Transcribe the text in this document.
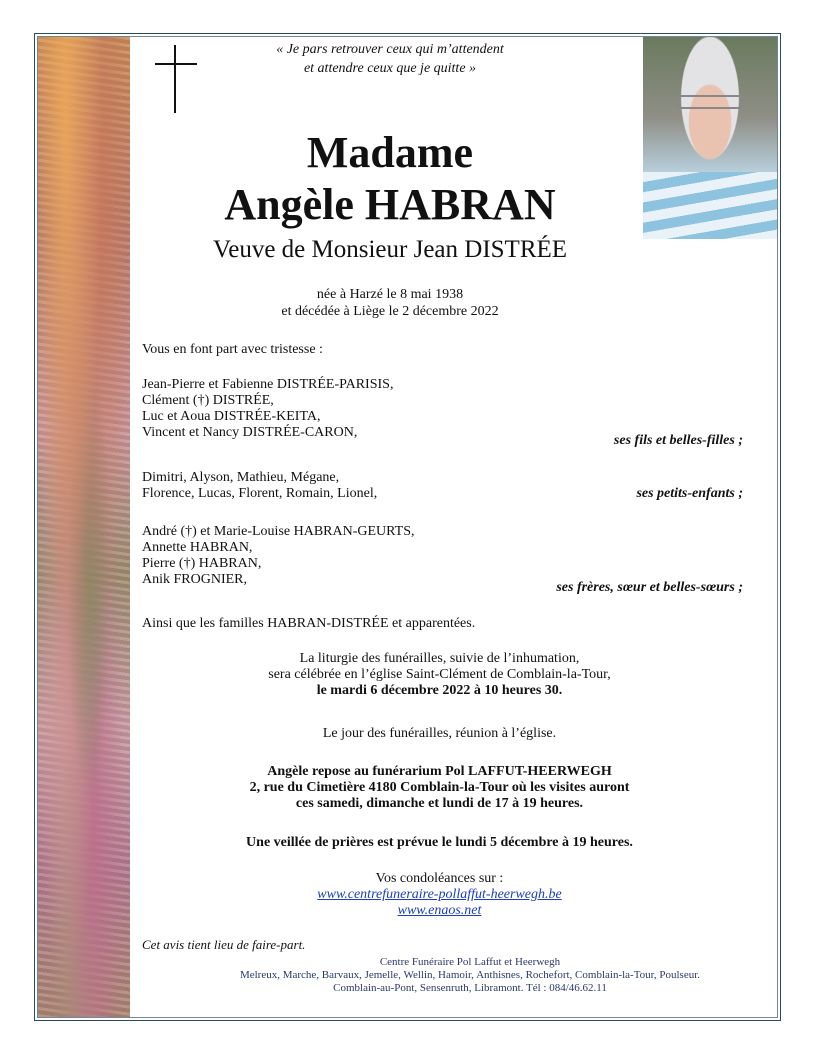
« Je pars retrouver ceux qui m’attendent
et attendre ceux que je quitte »
Madame
Angèle HABRAN
Veuve de Monsieur Jean DISTRÉE
née à Harzé le 8 mai 1938
et décédée à Liège le 2 décembre 2022
Vous en font part avec tristesse :
Jean-Pierre et Fabienne DISTRÉE-PARISIS,
Clément (†) DISTRÉE,
Luc et Aoua DISTRÉE-KEITA,
Vincent et Nancy DISTRÉE-CARON,
ses fils et belles-filles ;
Dimitri, Alyson, Mathieu, Mégane,
Florence, Lucas, Florent, Romain, Lionel,	ses petits-enfants ;
André (†) et Marie-Louise HABRAN-GEURTS,
Annette HABRAN,
Pierre (†) HABRAN,
Anik FROGNIER,
ses frères, sœur et belles-sœurs ;
Ainsi que les familles HABRAN-DISTRÉE et apparentées.
La liturgie des funérailles, suivie de l’inhumation,
sera célébrée en l’église Saint-Clément de Comblain-la-Tour,
le mardi 6 décembre 2022 à 10 heures 30.
Le jour des funérailles, réunion à l’église.
Angèle repose au funérarium Pol LAFFUT-HEERWEGH
2, rue du Cimetière 4180 Comblain-la-Tour où les visites auront
ces samedi, dimanche et lundi de 17 à 19 heures.
Une veillée de prières est prévue le lundi 5 décembre à 19 heures.
Vos condoléances sur :
www.centrefuneraire-pollaffut-heerwegh.be
www.enaos.net
Cet avis tient lieu de faire-part.
Centre Funéraire Pol Laffut et Heerwegh
Melreux, Marche, Barvaux, Jemelle, Wellin, Hamoir, Anthisnes, Rochefort, Comblain-la-Tour, Poulseur.
Comblain-au-Pont, Sensenruth, Libramont. Tél : 084/46.62.11
